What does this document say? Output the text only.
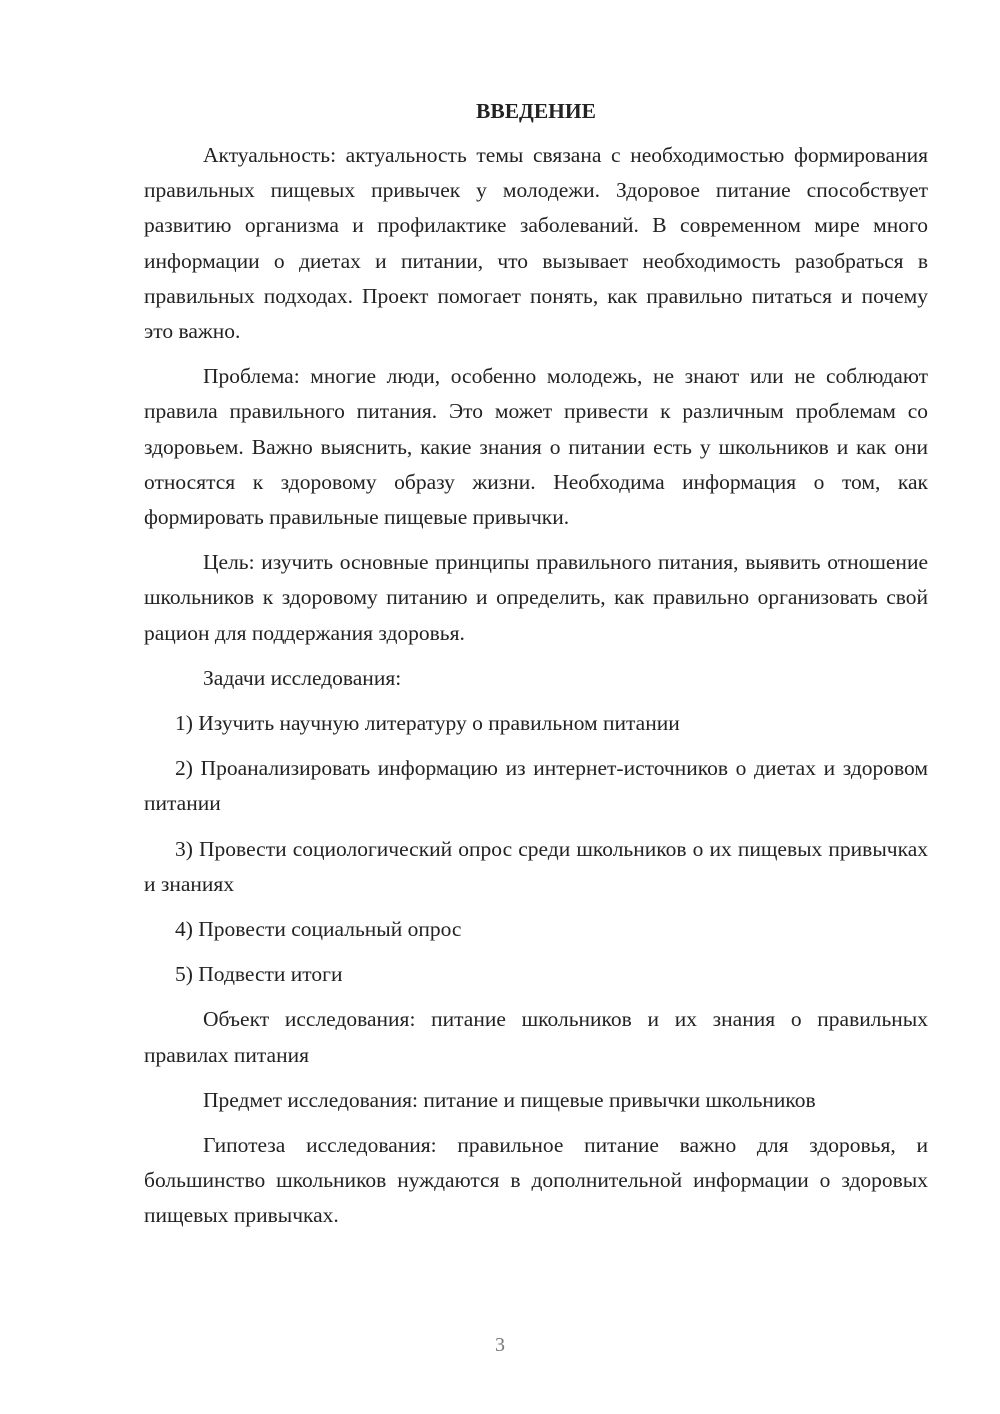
ВВЕДЕНИЕ

Актуальность: актуальность темы связана с необходимостью формирования правильных пищевых привычек у молодежи. Здоровое питание способствует развитию организма и профилактике заболеваний. В современном мире много информации о диетах и питании, что вызывает необходимость разобраться в правильных подходах. Проект помогает понять, как правильно питаться и почему это важно.

Проблема: многие люди, особенно молодежь, не знают или не соблюдают правила правильного питания. Это может привести к различным проблемам со здоровьем. Важно выяснить, какие знания о питании есть у школьников и как они относятся к здоровому образу жизни. Необходима информация о том, как формировать правильные пищевые привычки.

Цель: изучить основные принципы правильного питания, выявить отношение школьников к здоровому питанию и определить, как правильно организовать свой рацион для поддержания здоровья.

Задачи исследования:

1) Изучить научную литературу о правильном питании

2) Проанализировать информацию из интернет-источников о диетах и здоровом питании

3) Провести социологический опрос среди школьников о их пищевых привычках и знаниях

4) Провести социальный опрос

5) Подвести итоги

Объект исследования: питание школьников и их знания о правильных правилах питания

Предмет исследования: питание и пищевые привычки школьников

Гипотеза исследования: правильное питание важно для здоровья, и большинство школьников нуждаются в дополнительной информации о здоровых пищевых привычках.

3
